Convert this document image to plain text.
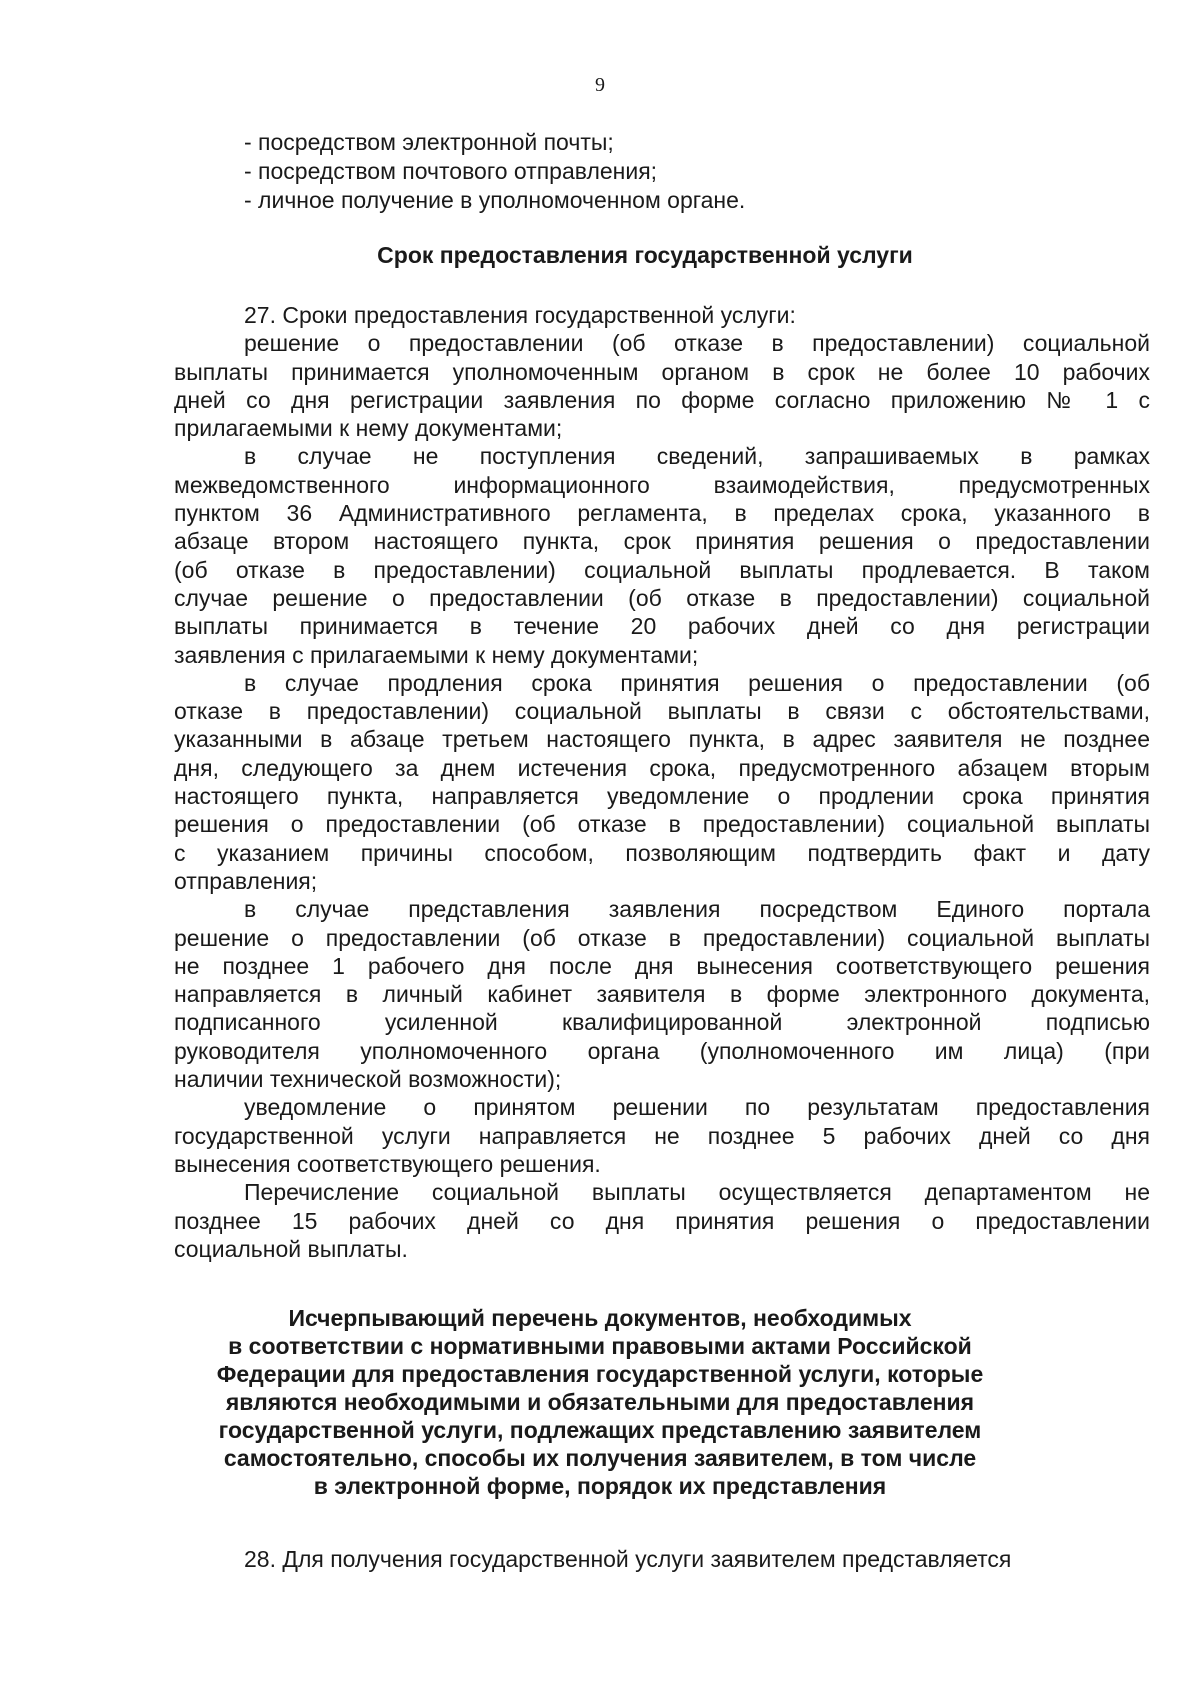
9
- посредством электронной почты;
- посредством почтового отправления;
- личное получение в уполномоченном органе.
Срок предоставления государственной услуги
27. Сроки предоставления государственной услуги:
решение о предоставлении (об отказе в предоставлении) социальной
выплаты принимается уполномоченным органом в срок не более 10 рабочих
дней со дня регистрации заявления по форме согласно приложению № 1 с
прилагаемыми к нему документами;
в случае не поступления сведений, запрашиваемых в рамках
межведомственного информационного взаимодействия, предусмотренных
пунктом 36 Административного регламента, в пределах срока, указанного в
абзаце втором настоящего пункта, срок принятия решения о предоставлении
(об отказе в предоставлении) социальной выплаты продлевается. В таком
случае решение о предоставлении (об отказе в предоставлении) социальной
выплаты принимается в течение 20 рабочих дней со дня регистрации
заявления с прилагаемыми к нему документами;
в случае продления срока принятия решения о предоставлении (об
отказе в предоставлении) социальной выплаты в связи с обстоятельствами,
указанными в абзаце третьем настоящего пункта, в адрес заявителя не позднее
дня, следующего за днем истечения срока, предусмотренного абзацем вторым
настоящего пункта, направляется уведомление о продлении срока принятия
решения о предоставлении (об отказе в предоставлении) социальной выплаты
с указанием причины способом, позволяющим подтвердить факт и дату
отправления;
в случае представления заявления посредством Единого портала
решение о предоставлении (об отказе в предоставлении) социальной выплаты
не позднее 1 рабочего дня после дня вынесения соответствующего решения
направляется в личный кабинет заявителя в форме электронного документа,
подписанного усиленной квалифицированной электронной подписью
руководителя уполномоченного органа (уполномоченного им лица) (при
наличии технической возможности);
уведомление о принятом решении по результатам предоставления
государственной услуги направляется не позднее 5 рабочих дней со дня
вынесения соответствующего решения.
Перечисление социальной выплаты осуществляется департаментом не
позднее 15 рабочих дней со дня принятия решения о предоставлении
социальной выплаты.
Исчерпывающий перечень документов, необходимых
в соответствии с нормативными правовыми актами Российской
Федерации для предоставления государственной услуги, которые
являются необходимыми и обязательными для предоставления
государственной услуги, подлежащих представлению заявителем
самостоятельно, способы их получения заявителем, в том числе
в электронной форме, порядок их представления
28. Для получения государственной услуги заявителем представляется
